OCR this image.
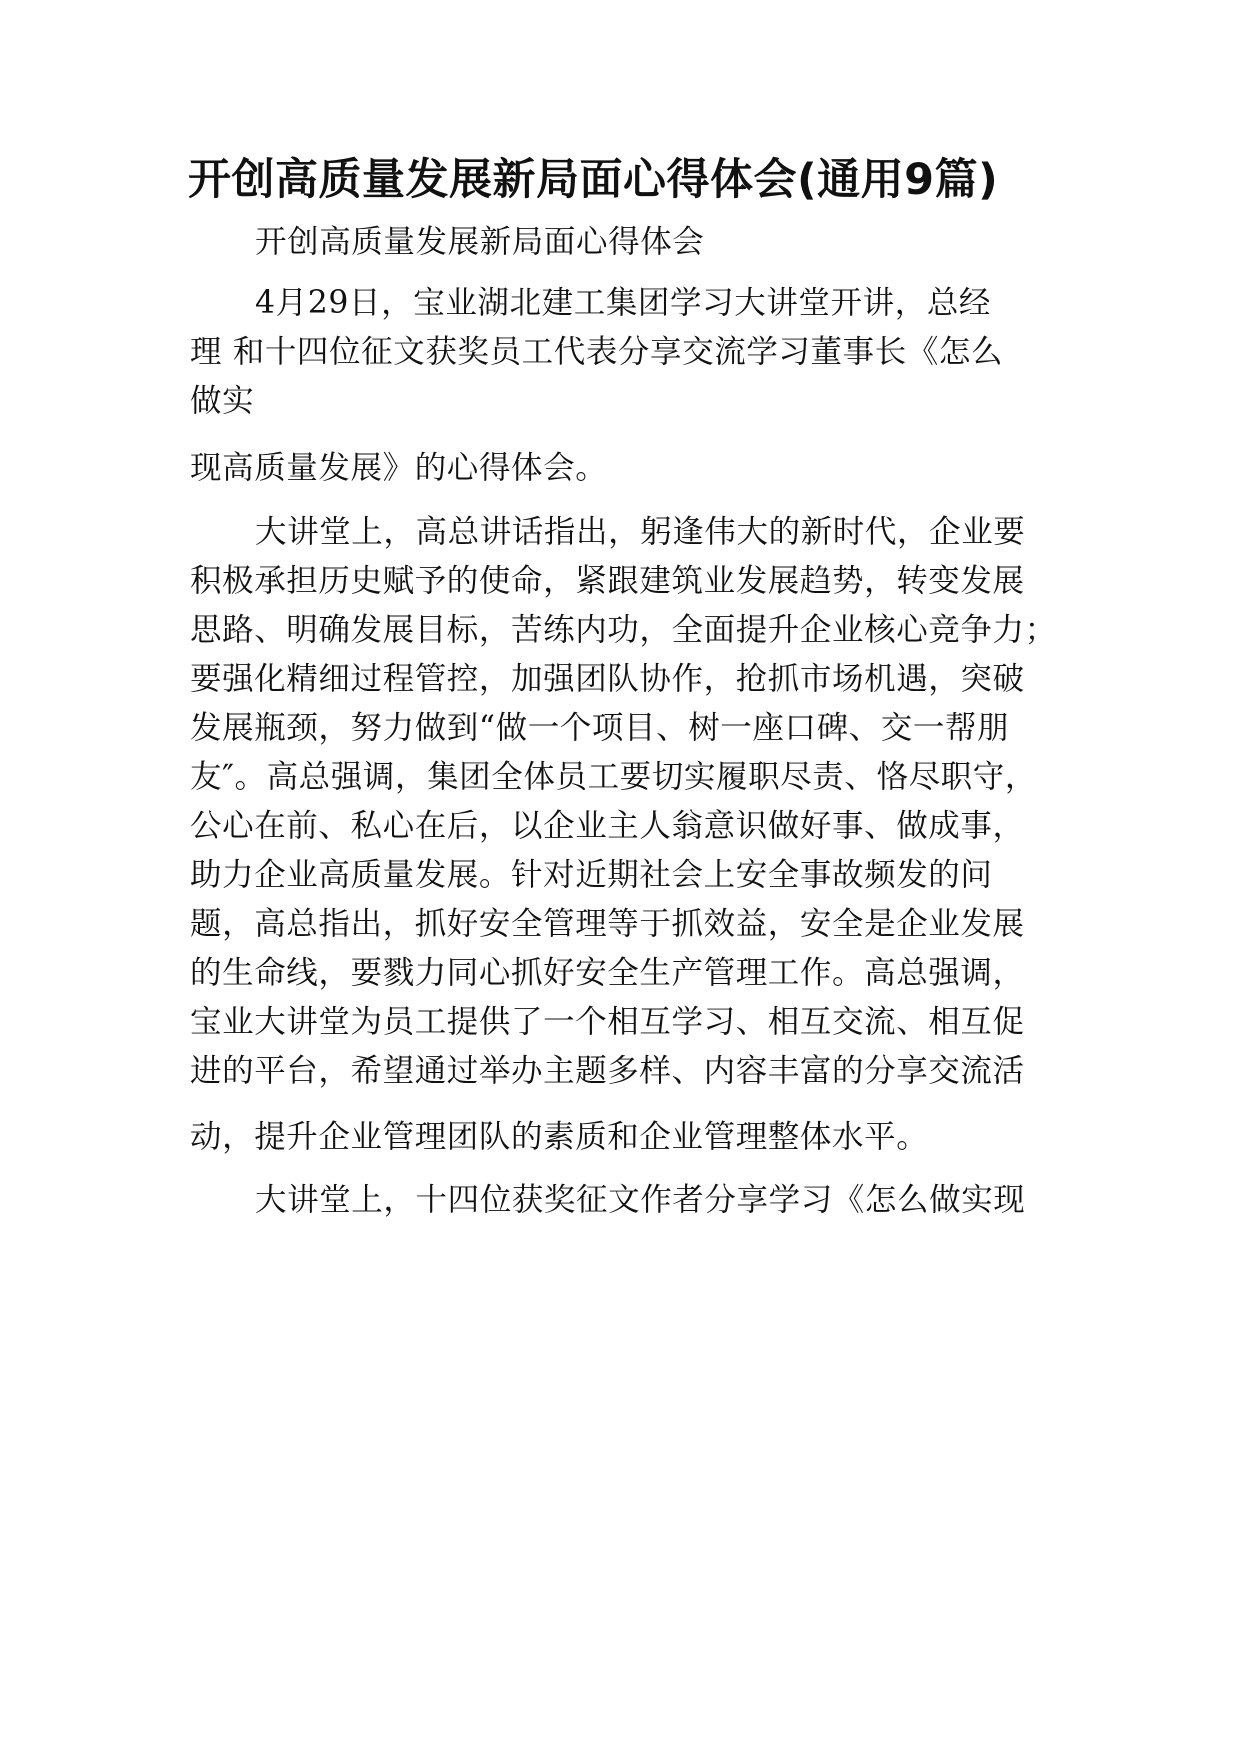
开创高质量发展新局面心得体会(通用9篇)

开创高质量发展新局面心得体会

4月29日，宝业湖北建工集团学习大讲堂开讲，总经

理 和十四位征文获奖员工代表分享交流学习董事长《怎么

做实

现高质量发展》的心得体会。

大讲堂上，高总讲话指出，躬逢伟大的新时代，企业要

积极承担历史赋予的使命，紧跟建筑业发展趋势，转变发展

思路、明确发展目标，苦练内功，全面提升企业核心竞争力；

要强化精细过程管控，加强团队协作，抢抓市场机遇，突破

发展瓶颈，努力做到“做一个项目、树一座口碑、交一帮朋

友″。高总强调，集团全体员工要切实履职尽责、恪尽职守，

公心在前、私心在后，以企业主人翁意识做好事、做成事，

助力企业高质量发展。针对近期社会上安全事故频发的问

题，高总指出，抓好安全管理等于抓效益，安全是企业发展

的生命线，要戮力同心抓好安全生产管理工作。高总强调，

宝业大讲堂为员工提供了一个相互学习、相互交流、相互促

进的平台，希望通过举办主题多样、内容丰富的分享交流活

动，提升企业管理团队的素质和企业管理整体水平。

大讲堂上，十四位获奖征文作者分享学习《怎么做实现
